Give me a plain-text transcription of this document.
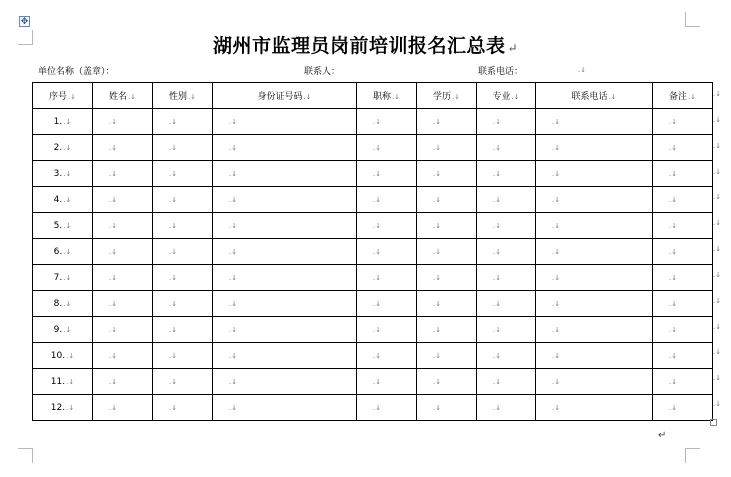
✥
湖州市监理员岗前培训报名汇总表 ↵
单位名称（盖章）：	联系人：	联系电话：	.↓
序号.↓	姓名.↓	性别.↓	身份证号码.↓	职称.↓	学历.↓	专业.↓	联系电话.↓	备注.↓
1..↓	.↓	.↓	.↓	.↓	.↓	.↓	.↓	.↓
2..↓	.↓	.↓	.↓	.↓	.↓	.↓	.↓	.↓
3..↓	.↓	.↓	.↓	.↓	.↓	.↓	.↓	.↓
4..↓	.↓	.↓	.↓	.↓	.↓	.↓	.↓	.↓
5..↓	.↓	.↓	.↓	.↓	.↓	.↓	.↓	.↓
6..↓	.↓	.↓	.↓	.↓	.↓	.↓	.↓	.↓
7..↓	.↓	.↓	.↓	.↓	.↓	.↓	.↓	.↓
8..↓	.↓	.↓	.↓	.↓	.↓	.↓	.↓	.↓
9..↓	.↓	.↓	.↓	.↓	.↓	.↓	.↓	.↓
10..↓	.↓	.↓	.↓	.↓	.↓	.↓	.↓	.↓
11..↓	.↓	.↓	.↓	.↓	.↓	.↓	.↓	.↓
12..↓	.↓	.↓	.↓	.↓	.↓	.↓	.↓	.↓
.↓
.↓
.↓
.↓
.↓
.↓
.↓
.↓
.↓
.↓
.↓
.↓
.↓
↵
